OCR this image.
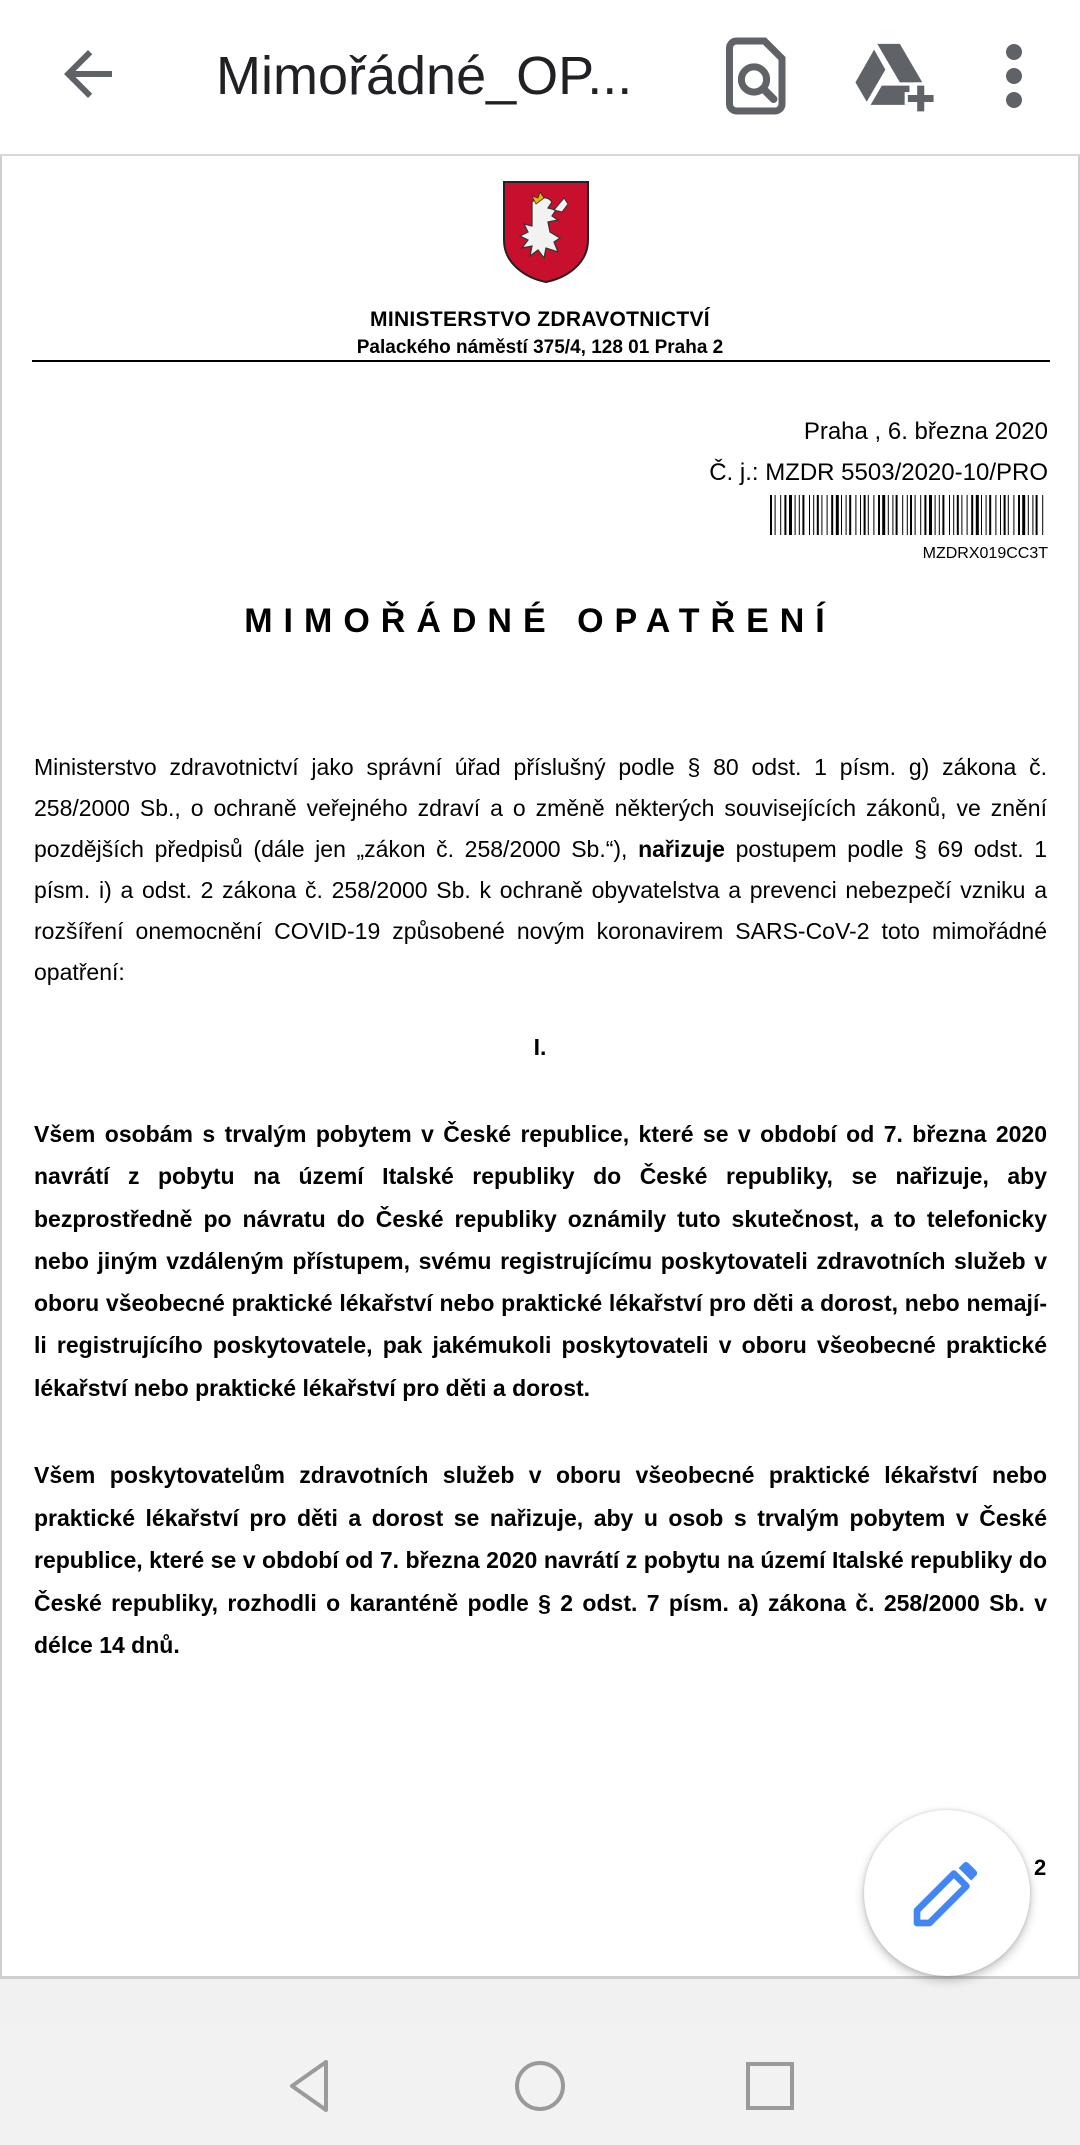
Mimořádné_OP...
MINISTERSTVO ZDRAVOTNICTVÍ
Palackého náměstí 375/4, 128 01 Praha 2
Praha , 6. března 2020
Č. j.: MZDR 5503/2020-10/PRO
MZDRX019CC3T
MIMOŘÁDNÉ OPATŘENÍ
Ministerstvo zdravotnictví jako správní úřad příslušný podle § 80 odst. 1 písm. g) zákona č. 258/2000 Sb., o ochraně veřejného zdraví a o změně některých souvisejících zákonů, ve znění pozdějších předpisů (dále jen „zákon č. 258/2000 Sb.“), nařizuje postupem podle § 69 odst. 1 písm. i) a odst. 2 zákona č. 258/2000 Sb. k ochraně obyvatelstva a prevenci nebezpečí vzniku a rozšíření onemocnění COVID-19 způsobené novým koronavirem SARS-CoV-2 toto mimořádné opatření:
I.
Všem osobám s trvalým pobytem v České republice, které se v období od 7. března 2020 navrátí z pobytu na území Italské republiky do České republiky, se nařizuje, aby bezprostředně po návratu do České republiky oznámily tuto skutečnost, a to telefonicky nebo jiným vzdáleným přístupem, svému registrujícímu poskytovateli zdravotních služeb v oboru všeobecné praktické lékařství nebo praktické lékařství pro děti a dorost, nebo nemají-li registrujícího poskytovatele, pak jakémukoli poskytovateli v oboru všeobecné praktické lékařství nebo praktické lékařství pro děti a dorost.
Všem poskytovatelům zdravotních služeb v oboru všeobecné praktické lékařství nebo praktické lékařství pro děti a dorost se nařizuje, aby u osob s trvalým pobytem v České republice, které se v období od 7. března 2020 navrátí z pobytu na území Italské republiky do České republiky, rozhodli o karanténě podle § 2 odst. 7 písm. a) zákona č. 258/2000 Sb. v délce 14 dnů.
2
